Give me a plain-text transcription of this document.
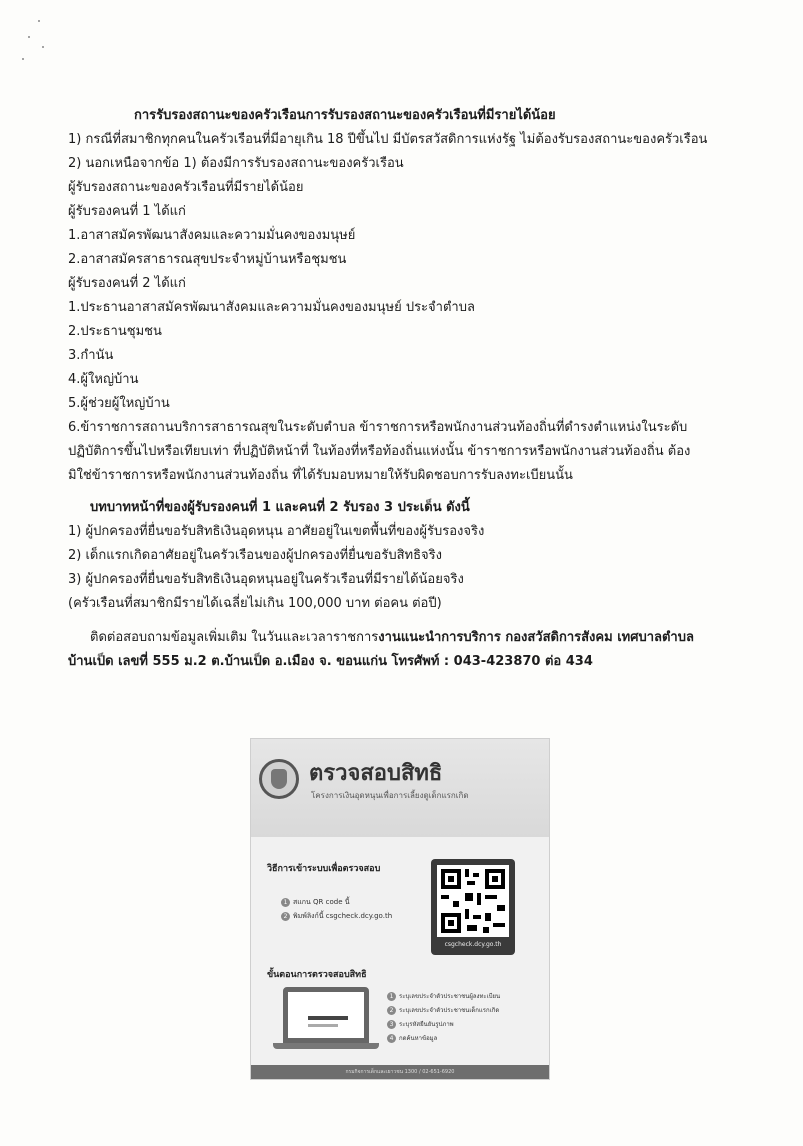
การรับรองสถานะของครัวเรือนการรับรองสถานะของครัวเรือนที่มีรายได้น้อย
1) กรณีที่สมาชิกทุกคนในครัวเรือนที่มีอายุเกิน 18 ปีขึ้นไป มีบัตรสวัสดิการแห่งรัฐ ไม่ต้องรับรองสถานะของครัวเรือน
2) นอกเหนือจากข้อ 1) ต้องมีการรับรองสถานะของครัวเรือน
ผู้รับรองสถานะของครัวเรือนที่มีรายได้น้อย
ผู้รับรองคนที่ 1 ได้แก่
1.อาสาสมัครพัฒนาสังคมและความมั่นคงของมนุษย์
2.อาสาสมัครสาธารณสุขประจำหมู่บ้านหรือชุมชน
ผู้รับรองคนที่ 2 ได้แก่
1.ประธานอาสาสมัครพัฒนาสังคมและความมั่นคงของมนุษย์ ประจำตำบล
2.ประธานชุมชน
3.กำนัน
4.ผู้ใหญ่บ้าน
5.ผู้ช่วยผู้ใหญ่บ้าน
6.ข้าราชการสถานบริการสาธารณสุขในระดับตำบล ข้าราชการหรือพนักงานส่วนท้องถิ่นที่ดำรงตำแหน่งในระดับ
ปฏิบัติการขึ้นไปหรือเทียบเท่า ที่ปฏิบัติหน้าที่ ในท้องที่หรือท้องถิ่นแห่งนั้น ข้าราชการหรือพนักงานส่วนท้องถิ่น ต้อง
มิใช่ข้าราชการหรือพนักงานส่วนท้องถิ่น ที่ได้รับมอบหมายให้รับผิดชอบการรับลงทะเบียนนั้น
บทบาทหน้าที่ของผู้รับรองคนที่ 1 และคนที่ 2 รับรอง 3 ประเด็น ดังนี้
1) ผู้ปกครองที่ยื่นขอรับสิทธิเงินอุดหนุน อาศัยอยู่ในเขตพื้นที่ของผู้รับรองจริง
2) เด็กแรกเกิดอาศัยอยู่ในครัวเรือนของผู้ปกครองที่ยื่นขอรับสิทธิจริง
3) ผู้ปกครองที่ยื่นขอรับสิทธิเงินอุดหนุนอยู่ในครัวเรือนที่มีรายได้น้อยจริง
(ครัวเรือนที่สมาชิกมีรายได้เฉลี่ยไม่เกิน 100,000 บาท ต่อคน ต่อปี)
ติดต่อสอบถามข้อมูลเพิ่มเติม ในวันและเวลาราชการงานแนะนำการบริการ กองสวัสดิการสังคม เทศบาลตำบล
บ้านเป็ด เลขที่ 555 ม.2 ต.บ้านเป็ด อ.เมือง จ. ขอนแก่น โทรศัพท์ : 043-423870 ต่อ 434
ตรวจสอบสิทธิ
โครงการเงินอุดหนุนเพื่อการเลี้ยงดูเด็กแรกเกิด
วิธีการเข้าระบบเพื่อตรวจสอบ
1 สแกน QR code นี้
2 พิมพ์ลิงก์นี้ csgcheck.dcy.go.th
csgcheck.dcy.go.th
ขั้นตอนการตรวจสอบสิทธิ
1 ระบุเลขประจำตัวประชาชนผู้ลงทะเบียน
2 ระบุเลขประจำตัวประชาชนเด็กแรกเกิด
3 ระบุรหัสยืนยันรูปภาพ
4 กดค้นหาข้อมูล
กรมกิจการเด็กและเยาวชน 1300 / 02-651-6920
